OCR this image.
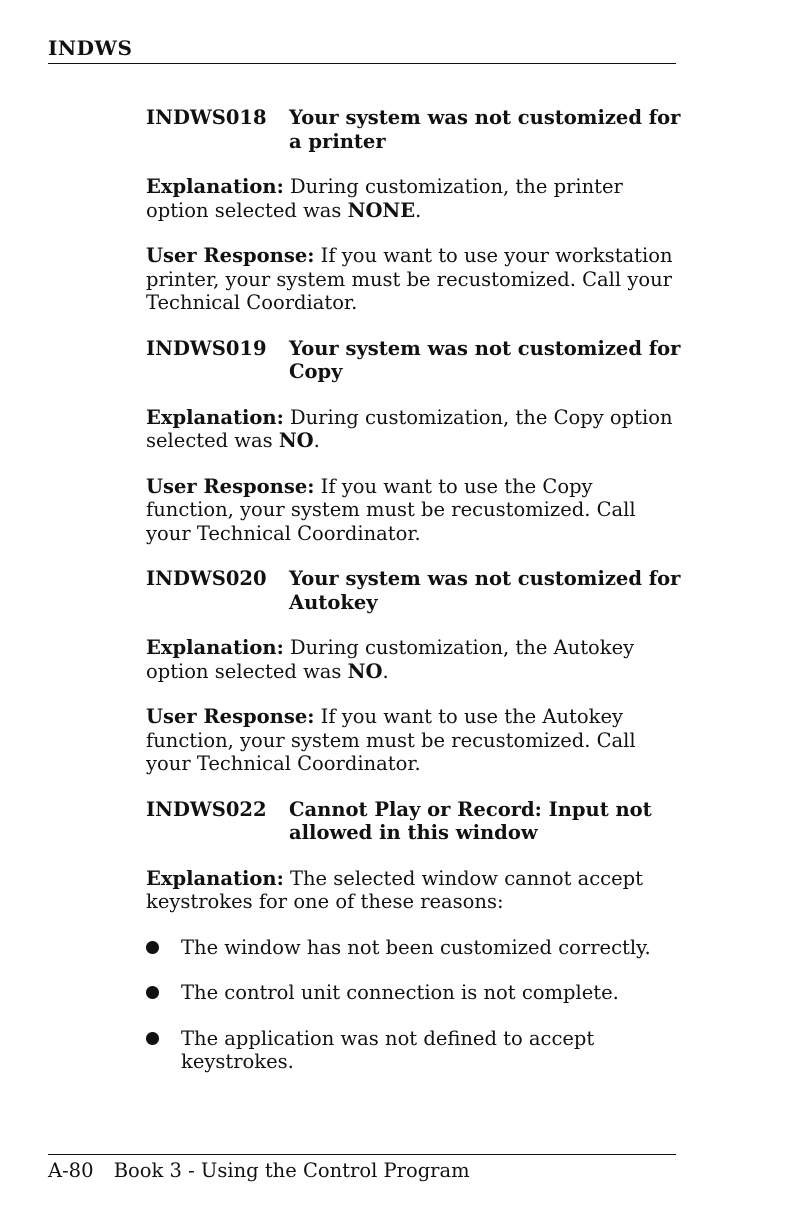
INDWS
INDWS018	Your system was not customized for a printer
Explanation: During customization, the printer option selected was NONE.
User Response: If you want to use your workstation printer, your system must be recustomized. Call your Technical Coordiator.
INDWS019	Your system was not customized for Copy
Explanation: During customization, the Copy option selected was NO.
User Response: If you want to use the Copy function, your system must be recustomized. Call your Technical Coordinator.
INDWS020	Your system was not customized for Autokey
Explanation: During customization, the Autokey option selected was NO.
User Response: If you want to use the Autokey function, your system must be recustomized. Call your Technical Coordinator.
INDWS022	Cannot Play or Record: Input not allowed in this window
Explanation: The selected window cannot accept keystrokes for one of these reasons:
The window has not been customized correctly.
The control unit connection is not complete.
The application was not defined to accept keystrokes.
A-80 Book 3 - Using the Control Program
